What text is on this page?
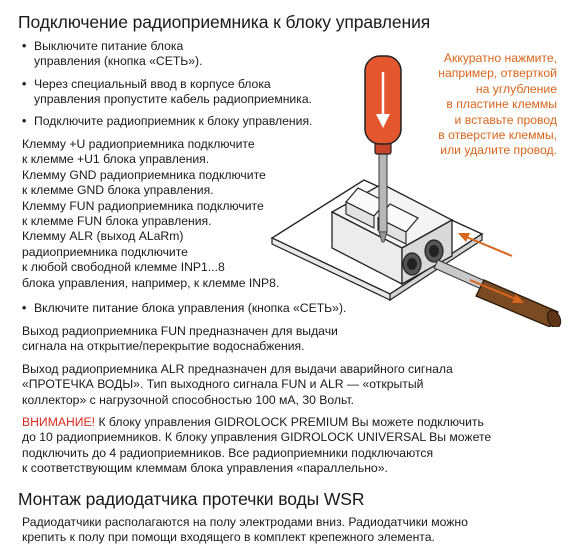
Подключение радиоприемника к блоку управления
• Выключите питание блока
управления (кнопка «СЕТЬ»).
• Через специальный ввод в корпусе блока
управления пропустите кабель радиоприемника.
• Подключите радиоприемник к блоку управления.
Клемму +U радиоприемника подключите
к клемме +U1 блока управления.
Клемму GND радиоприемника подключите
к клемме GND блока управления.
Клемму FUN радиоприемника подключите
к клемме FUN блока управления.
Клемму ALR (выход ALaRm)
радиоприемника подключите
к любой свободной клемме INP1...8
блока управления, например, к клемме INP8.
Аккуратно нажмите,
например, отверткой
на углубление
в пластине клеммы
и вставьте провод
в отверстие клеммы,
или удалите провод.
• Включите питание блока управления (кнопка «СЕТЬ»).
Выход радиоприемника FUN предназначен для выдачи
сигнала на открытие/перекрытие водоснабжения.
Выход радиоприемника ALR предназначен для выдачи аварийного сигнала
«ПРОТЕЧКА ВОДЫ». Тип выходного сигнала FUN и ALR — «открытый
коллектор» с нагрузочной способностью 100 мА, 30 Вольт.
ВНИМАНИЕ! К блоку управления GIDROLOCK PREMIUM Вы можете подключить
до 10 радиоприемников. К блоку управления GIDROLOCK UNIVERSAL Вы можете
подключить до 4 радиоприемников. Все радиоприемники подключаются
к соответствующим клеммам блока управления «параллельно».
Монтаж радиодатчика протечки воды WSR
Радиодатчики располагаются на полу электродами вниз. Радиодатчики можно
крепить к полу при помощи входящего в комплект крепежного элемента.
